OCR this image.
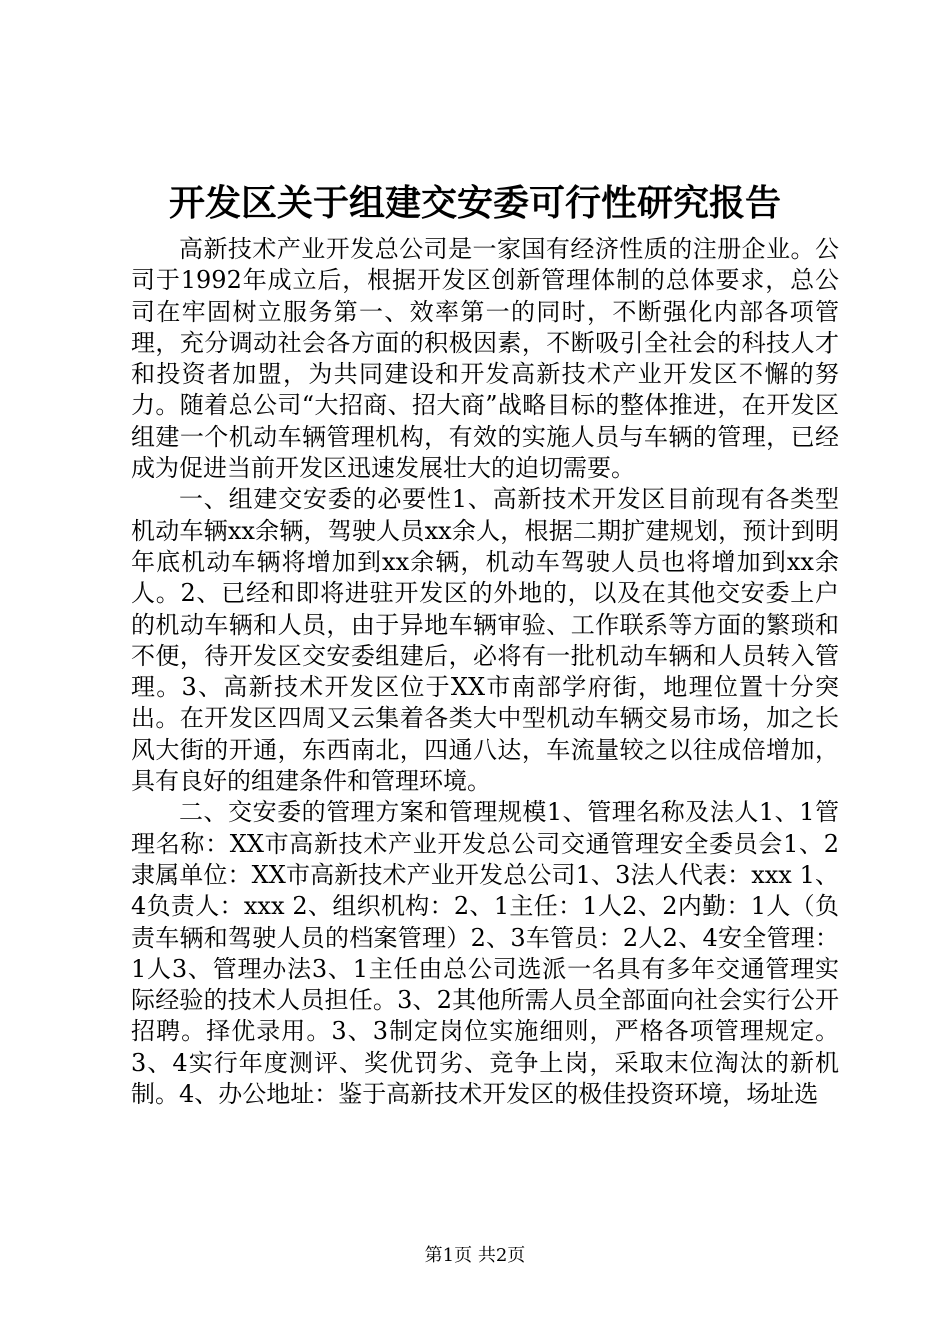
开发区关于组建交安委可行性研究报告

高新技术产业开发总公司是一家国有经济性质的注册企业。公司于1992年成立后，根据开发区创新管理体制的总体要求，总公司在牢固树立服务第一、效率第一的同时，不断强化内部各项管理，充分调动社会各方面的积极因素，不断吸引全社会的科技人才和投资者加盟，为共同建设和开发高新技术产业开发区不懈的努力。随着总公司“大招商、招大商”战略目标的整体推进，在开发区组建一个机动车辆管理机构，有效的实施人员与车辆的管理，已经成为促进当前开发区迅速发展壮大的迫切需要。

一、组建交安委的必要性1、高新技术开发区目前现有各类型机动车辆xx余辆，驾驶人员xx余人，根据二期扩建规划，预计到明年底机动车辆将增加到xx余辆，机动车驾驶人员也将增加到xx余人。2、已经和即将进驻开发区的外地的，以及在其他交安委上户的机动车辆和人员，由于异地车辆审验、工作联系等方面的繁琐和不便，待开发区交安委组建后，必将有一批机动车辆和人员转入管理。3、高新技术开发区位于XX市南部学府街，地理位置十分突出。在开发区四周又云集着各类大中型机动车辆交易市场，加之长风大街的开通，东西南北，四通八达，车流量较之以往成倍增加，具有良好的组建条件和管理环境。

二、交安委的管理方案和管理规模1、管理名称及法人1、1管理名称：XX市高新技术产业开发总公司交通管理安全委员会1、2隶属单位：XX市高新技术产业开发总公司1、3法人代表：xxx 1、4负责人：xxx 2、组织机构：2、1主任：1人2、2内勤：1人（负责车辆和驾驶人员的档案管理）2、3车管员：2人2、4安全管理：1人3、管理办法3、1主任由总公司选派一名具有多年交通管理实际经验的技术人员担任。3、2其他所需人员全部面向社会实行公开招聘。择优录用。3、3制定岗位实施细则，严格各项管理规定。3、4实行年度测评、奖优罚劣、竞争上岗，采取末位淘汰的新机制。4、办公地址：鉴于高新技术开发区的极佳投资环境，场址选

第1页 共2页
